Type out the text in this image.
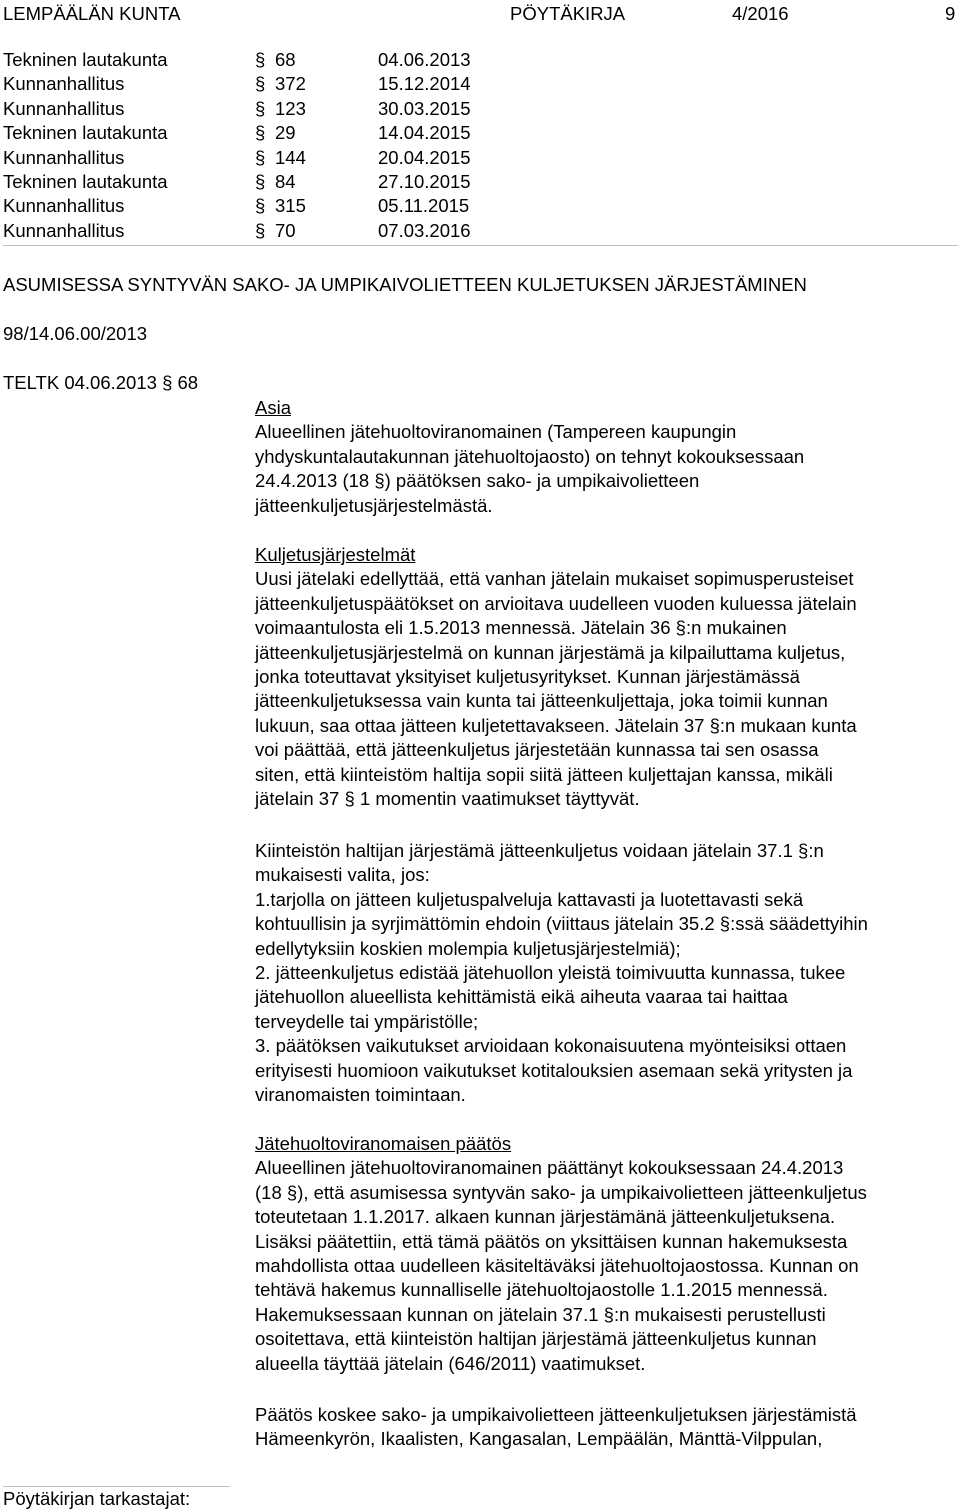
LEMPÄÄLÄN KUNTA	PÖYTÄKIRJA	4/2016	9
Tekninen lautakunta	§ 68	04.06.2013
Kunnanhallitus	§ 372	15.12.2014
Kunnanhallitus	§ 123	30.03.2015
Tekninen lautakunta	§ 29	14.04.2015
Kunnanhallitus	§ 144	20.04.2015
Tekninen lautakunta	§ 84	27.10.2015
Kunnanhallitus	§ 315	05.11.2015
Kunnanhallitus	§ 70	07.03.2016
ASUMISESSA SYNTYVÄN SAKO- JA UMPIKAIVOLIETTEEN KULJETUKSEN JÄRJESTÄMINEN
98/14.06.00/2013
TELTK 04.06.2013 § 68
Asia
Alueellinen jätehuoltoviranomainen (Tampereen kaupungin
yhdyskuntalautakunnan jätehuoltojaosto) on tehnyt kokouksessaan
24.4.2013 (18 §) päätöksen sako- ja umpikaivolietteen
jätteenkuljetusjärjestelmästä.
Kuljetusjärjestelmät
Uusi jätelaki edellyttää, että vanhan jätelain mukaiset sopimusperusteiset
jätteenkuljetuspäätökset on arvioitava uudelleen vuoden kuluessa jätelain
voimaantulosta eli 1.5.2013 mennessä. Jätelain 36 §:n mukainen
jätteenkuljetusjärjestelmä on kunnan järjestämä ja kilpailuttama kuljetus,
jonka toteuttavat yksityiset kuljetusyritykset. Kunnan järjestämässä
jätteenkuljetuksessa vain kunta tai jätteenkuljettaja, joka toimii kunnan
lukuun, saa ottaa jätteen kuljetettavakseen. Jätelain 37 §:n mukaan kunta
voi päättää, että jätteenkuljetus järjestetään kunnassa tai sen osassa
siten, että kiinteistöm haltija sopii siitä jätteen kuljettajan kanssa, mikäli
jätelain 37 § 1 momentin vaatimukset täyttyvät.
Kiinteistön haltijan järjestämä jätteenkuljetus voidaan jätelain 37.1 §:n
mukaisesti valita, jos:
1.tarjolla on jätteen kuljetuspalveluja kattavasti ja luotettavasti sekä
kohtuullisin ja syrjimättömin ehdoin (viittaus jätelain 35.2 §:ssä säädettyihin
edellytyksiin koskien molempia kuljetusjärjestelmiä);
2. jätteenkuljetus edistää jätehuollon yleistä toimivuutta kunnassa, tukee
jätehuollon alueellista kehittämistä eikä aiheuta vaaraa tai haittaa
terveydelle tai ympäristölle;
3. päätöksen vaikutukset arvioidaan kokonaisuutena myönteisiksi ottaen
erityisesti huomioon vaikutukset kotitalouksien asemaan sekä yritysten ja
viranomaisten toimintaan.
Jätehuoltoviranomaisen päätös
Alueellinen jätehuoltoviranomainen päättänyt kokouksessaan 24.4.2013
(18 §), että asumisessa syntyvän sako- ja umpikaivolietteen jätteenkuljetus
toteutetaan 1.1.2017. alkaen kunnan järjestämänä jätteenkuljetuksena.
Lisäksi päätettiin, että tämä päätös on yksittäisen kunnan hakemuksesta
mahdollista ottaa uudelleen käsiteltäväksi jätehuoltojaostossa. Kunnan on
tehtävä hakemus kunnalliselle jätehuoltojaostolle 1.1.2015 mennessä.
Hakemuksessaan kunnan on jätelain 37.1 §:n mukaisesti perustellusti
osoitettava, että kiinteistön haltijan järjestämä jätteenkuljetus kunnan
alueella täyttää jätelain (646/2011) vaatimukset.
Päätös koskee sako- ja umpikaivolietteen jätteenkuljetuksen järjestämistä
Hämeenkyrön, Ikaalisten, Kangasalan, Lempäälän, Mänttä-Vilppulan,
Pöytäkirjan tarkastajat:
